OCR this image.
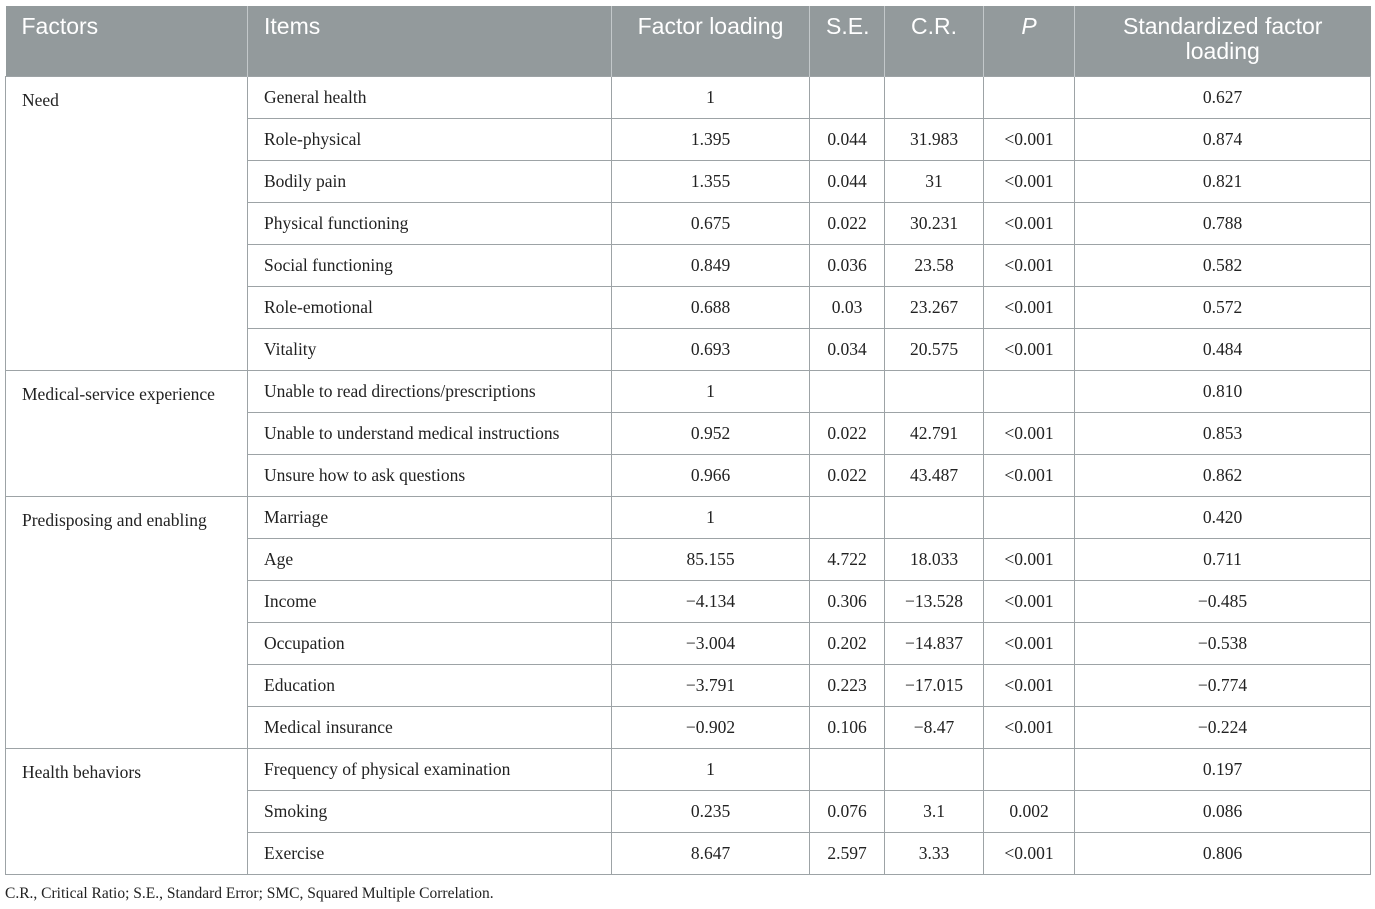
Factors	Items	Factor loading	S.E.	C.R.	P	Standardized factor loading
Need	General health	1				0.627
	Role-physical	1.395	0.044	31.983	<0.001	0.874
	Bodily pain	1.355	0.044	31	<0.001	0.821
	Physical functioning	0.675	0.022	30.231	<0.001	0.788
	Social functioning	0.849	0.036	23.58	<0.001	0.582
	Role-emotional	0.688	0.03	23.267	<0.001	0.572
	Vitality	0.693	0.034	20.575	<0.001	0.484
Medical-service experience	Unable to read directions/prescriptions	1				0.810
	Unable to understand medical instructions	0.952	0.022	42.791	<0.001	0.853
	Unsure how to ask questions	0.966	0.022	43.487	<0.001	0.862
Predisposing and enabling	Marriage	1				0.420
	Age	85.155	4.722	18.033	<0.001	0.711
	Income	−4.134	0.306	−13.528	<0.001	−0.485
	Occupation	−3.004	0.202	−14.837	<0.001	−0.538
	Education	−3.791	0.223	−17.015	<0.001	−0.774
	Medical insurance	−0.902	0.106	−8.47	<0.001	−0.224
Health behaviors	Frequency of physical examination	1				0.197
	Smoking	0.235	0.076	3.1	0.002	0.086
	Exercise	8.647	2.597	3.33	<0.001	0.806
C.R., Critical Ratio; S.E., Standard Error; SMC, Squared Multiple Correlation.
